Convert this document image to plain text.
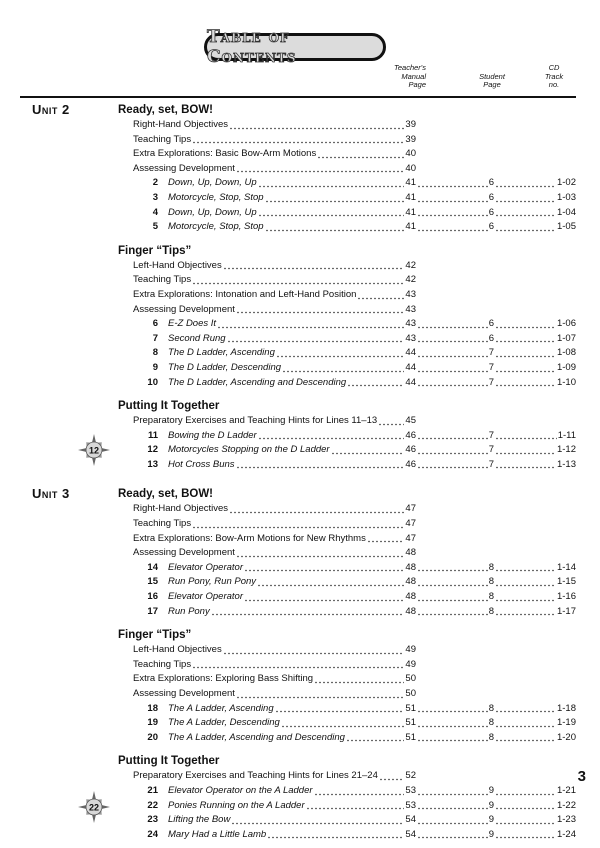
Table of Contents
Teacher's
Manual
Page
Student
Page
CD
Track
no.
Unit 2	Ready, set, BOW!
Right-Hand Objectives	39
Teaching Tips	39
Extra Explorations: Basic Bow-Arm Motions	40
Assessing Development	40
2 Down, Up, Down, Up	41	6	1-02
3 Motorcycle, Stop, Stop	41	6	1-03
4 Down, Up, Down, Up	41	6	1-04
5 Motorcycle, Stop, Stop	41	6	1-05
Finger “Tips”
Left-Hand Objectives	42
Teaching Tips	42
Extra Explorations: Intonation and Left-Hand Position	43
Assessing Development	43
6 E-Z Does It	43	6	1-06
7 Second Rung	43	6	1-07
8 The D Ladder, Ascending	44	7	1-08
9 The D Ladder, Descending	44	7	1-09
10 The D Ladder, Ascending and Descending	44	7	1-10
Putting It Together
12
Preparatory Exercises and Teaching Hints for Lines 11–13	45
11 Bowing the D Ladder	46	7	1-11
12 Motorcycles Stopping on the D Ladder	46	7	1-12
13 Hot Cross Buns	46	7	1-13
Unit 3	Ready, set, BOW!
Right-Hand Objectives	47
Teaching Tips	47
Extra Explorations: Bow-Arm Motions for New Rhythms	47
Assessing Development	48
14 Elevator Operator	48	8	1-14
15 Run Pony, Run Pony	48	8	1-15
16 Elevator Operator	48	8	1-16
17 Run Pony	48	8	1-17
Finger “Tips”
Left-Hand Objectives	49
Teaching Tips	49
Extra Explorations: Exploring Bass Shifting	50
Assessing Development	50
18 The A Ladder, Ascending	51	8	1-18
19 The A Ladder, Descending	51	8	1-19
20 The A Ladder, Ascending and Descending	51	8	1-20
Putting It Together
22
Preparatory Exercises and Teaching Hints for Lines 21–24	52
21 Elevator Operator on the A Ladder	53	9	1-21
22 Ponies Running on the A Ladder	53	9	1-22
23 Lifting the Bow	54	9	1-23
24 Mary Had a Little Lamb	54	9	1-24
3
